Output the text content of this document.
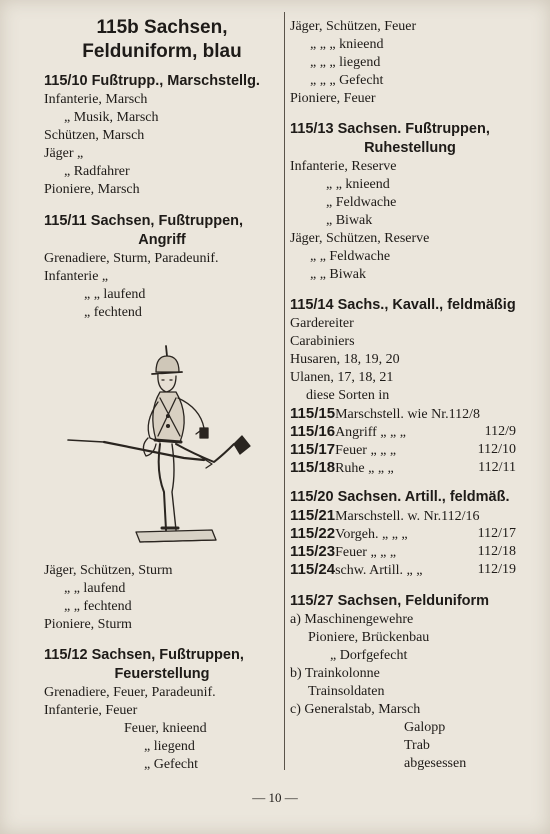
115b Sachsen,
Felduniform, blau
115/10 Fußtrupp., Marschstellg.
Infanterie, Marsch
„ Musik, Marsch
Schützen, Marsch
Jäger „
„ Radfahrer
Pioniere, Marsch
115/11 Sachsen, Fußtruppen,
Angriff
Grenadiere, Sturm, Paradeunif.
Infanterie „
„ „ laufend
„ fechtend
Jäger, Schützen, Sturm
„ „ laufend
„ „ fechtend
Pioniere, Sturm
115/12 Sachsen, Fußtruppen,
Feuerstellung
Grenadiere, Feuer, Paradeunif.
Infanterie, Feuer
Feuer, knieend
„ liegend
„ Gefecht
Jäger, Schützen, Feuer
„ „ „ knieend
„ „ „ liegend
„ „ „ Gefecht
Pioniere, Feuer
115/13 Sachsen. Fußtruppen,
Ruhestellung
Infanterie, Reserve
„ „ knieend
„ Feldwache
„ Biwak
Jäger, Schützen, Reserve
„ „ Feldwache
„ „ Biwak
115/14 Sachs., Kavall., feldmäßig
Gardereiter
Carabiniers
Husaren, 18, 19, 20
Ulanen, 17, 18, 21
diese Sorten in
115/15Marschstell. wie Nr.112/8
115/16Angriff „ „ „	112/9
115/17Feuer „ „ „	112/10
115/18Ruhe „ „ „	112/11
115/20 Sachsen. Artill., feldmäß.
115/21Marschstell. w. Nr.112/16
115/22Vorgeh. „ „ „	112/17
115/23Feuer „ „ „	112/18
115/24schw. Artill. „ „	112/19
115/27 Sachsen, Felduniform
a) Maschinengewehre
Pioniere, Brückenbau
„ Dorfgefecht
b) Trainkolonne
Trainsoldaten
c) Generalstab, Marsch
Galopp
Trab
abgesessen
— 10 —
